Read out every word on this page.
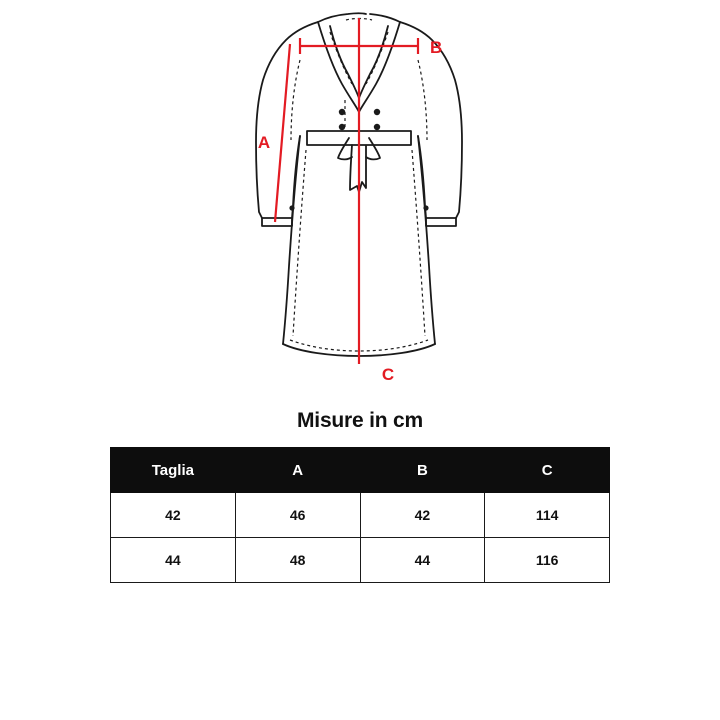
A
B
C
Misure in cm
Taglia	A	B	C
42	46	42	114
44	48	44	116
